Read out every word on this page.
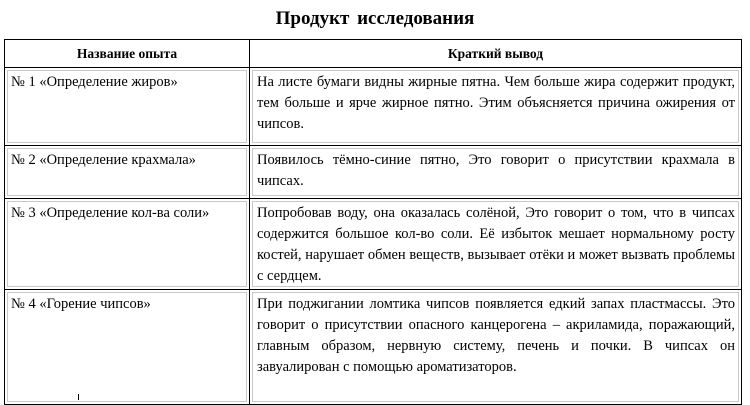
Продукт исследования
Название опыта	Краткий вывод

№ 1 «Определение жиров»	На листе бумаги видны жирные пятна. Чем больше жира содержит продукт, тем больше и ярче жирное пятно. Этим объясняется причина ожирения от чипсов.

№ 2 «Определение крахмала»	Появилось тёмно-синие пятно, Это говорит о присутствии крахмала в чипсах.

№ 3 «Определение кол-ва соли»	Попробовав воду, она оказалась солёной, Это говорит о том, что в чипсах содержится большое кол-во соли. Её избыток мешает нормальному росту костей, нарушает обмен веществ, вызывает отёки и может вызвать проблемы с сердцем.

№ 4 «Горение чипсов»	При поджигании ломтика чипсов появляется едкий запах пластмассы. Это говорит о присутствии опасного канцерогена – акриламида, поражающий, главным образом, нервную систему, печень и почки. В чипсах он завуалирован с помощью ароматизаторов.
